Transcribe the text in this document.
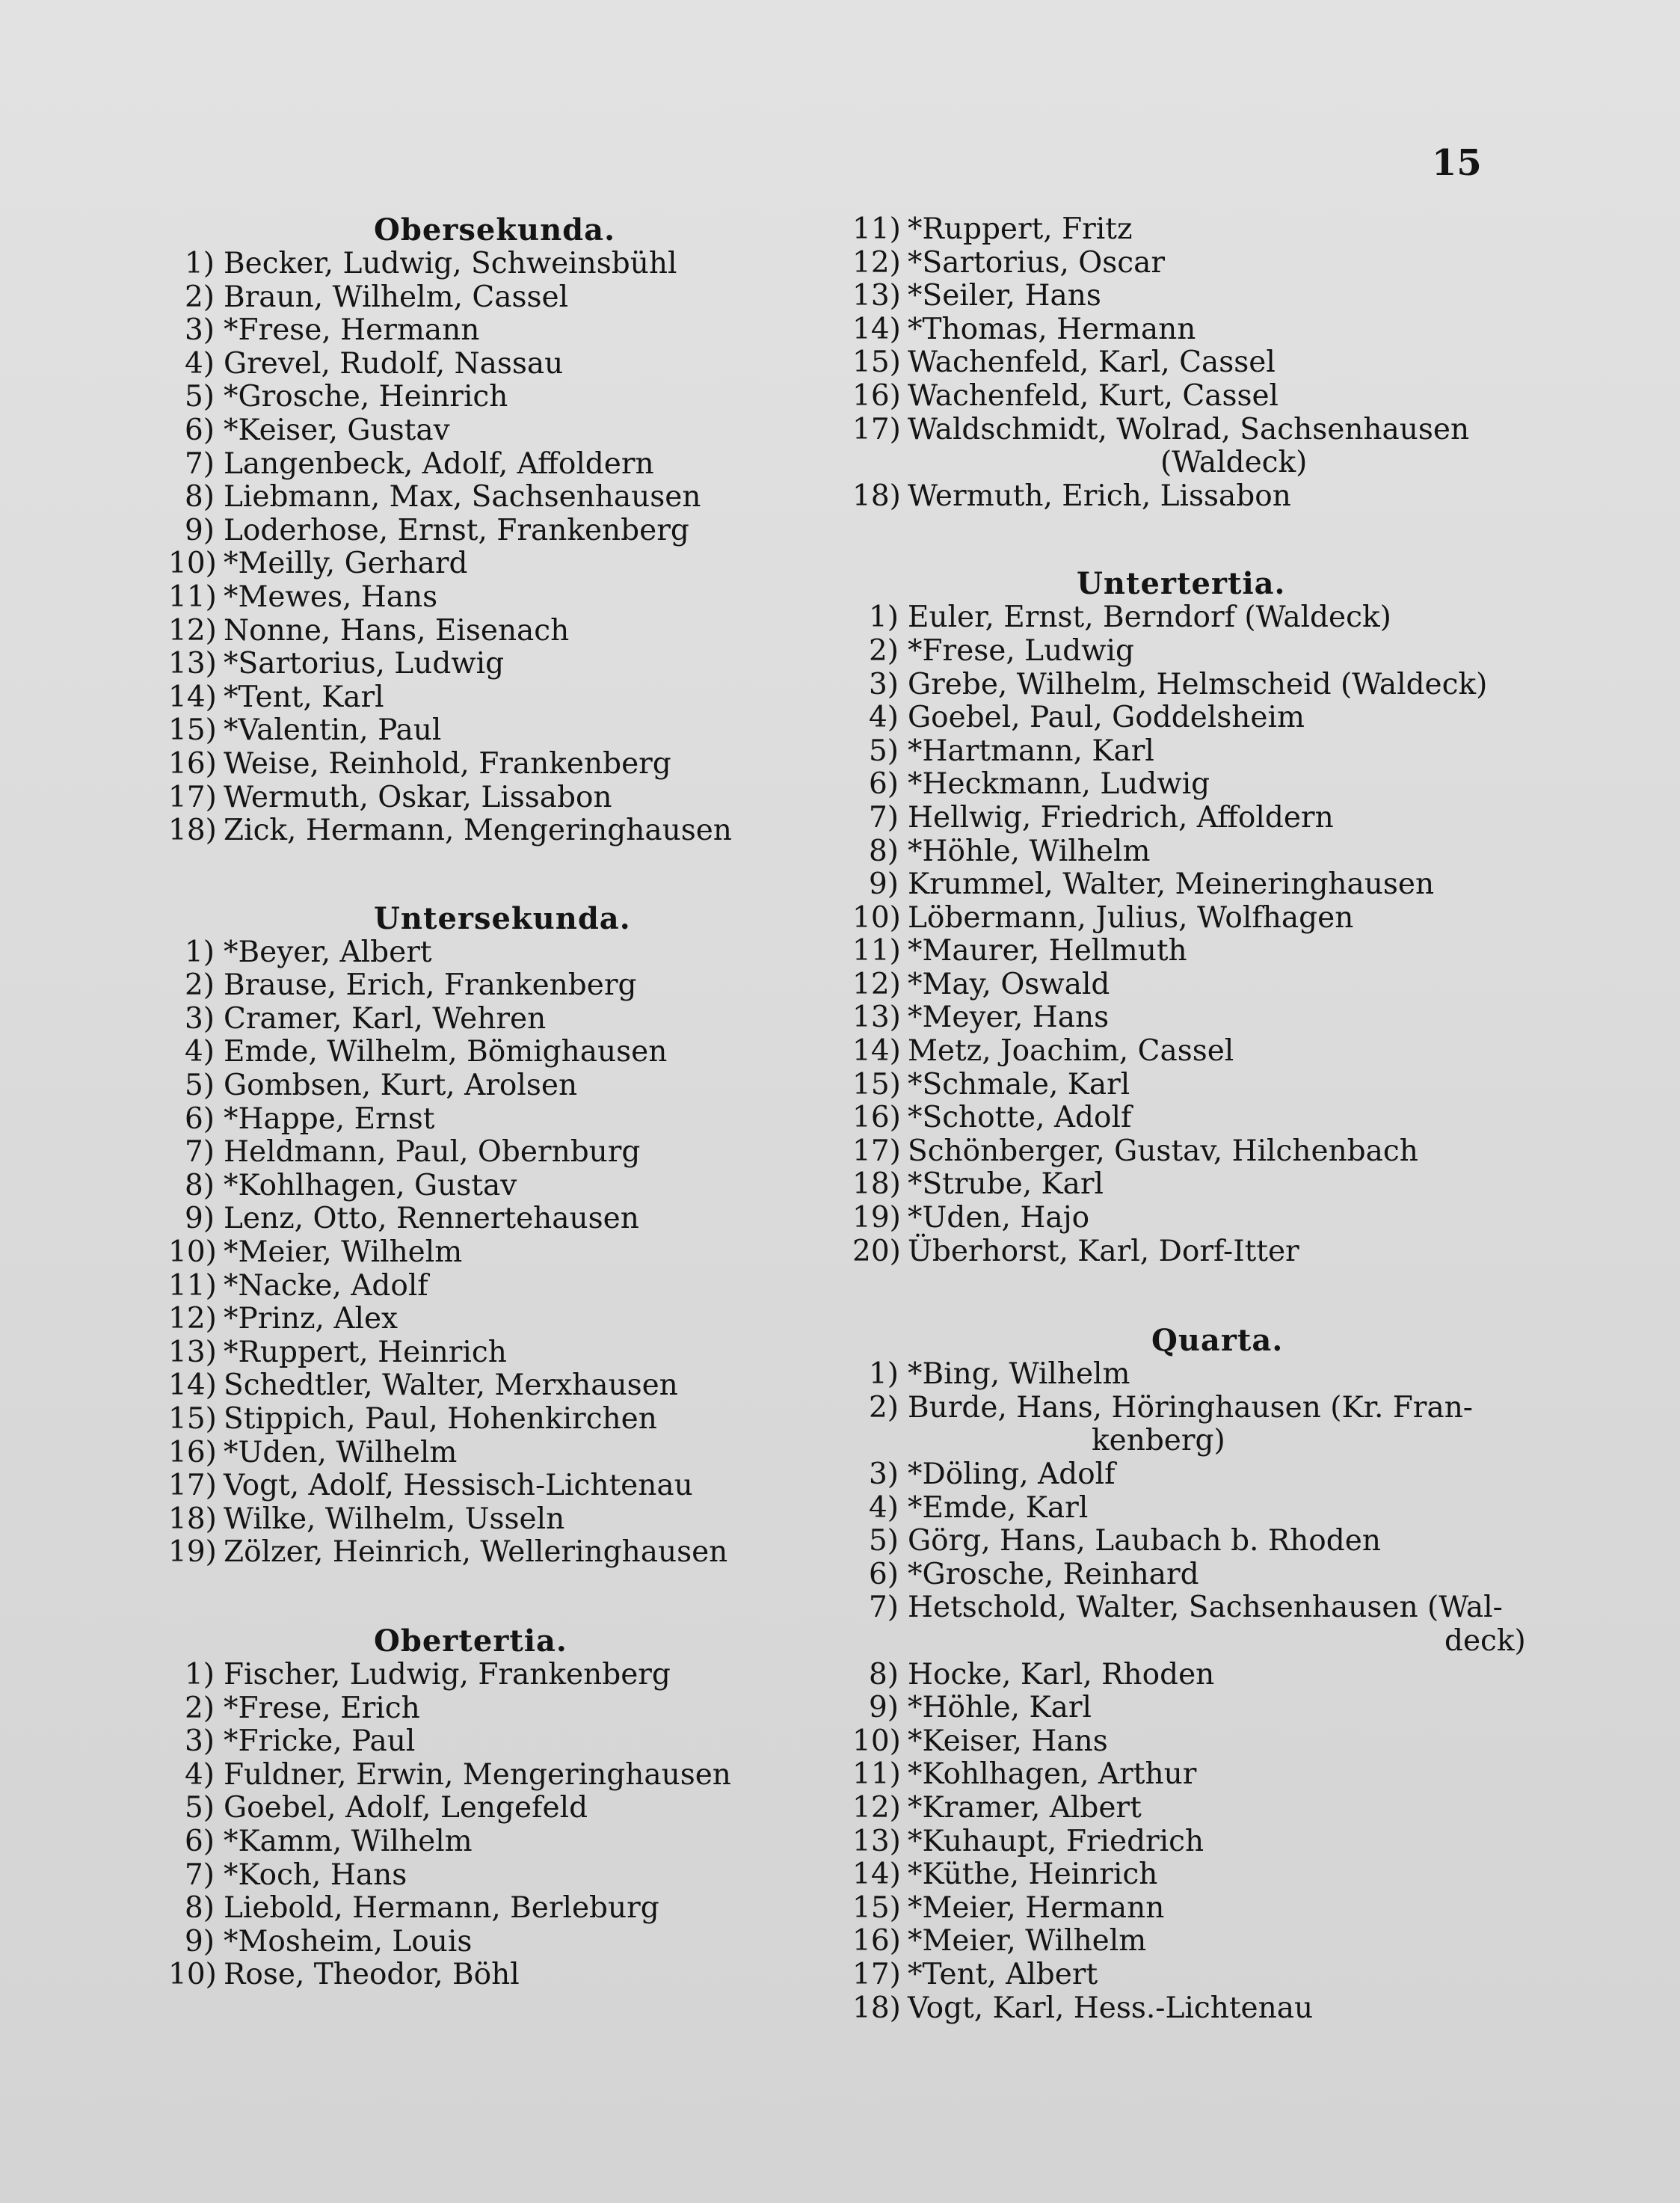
15
Obersekunda.
1) Becker, Ludwig, Schweinsbühl
2) Braun, Wilhelm, Cassel
3) *Frese, Hermann
4) Grevel, Rudolf, Nassau
5) *Grosche, Heinrich
6) *Keiser, Gustav
7) Langenbeck, Adolf, Affoldern
8) Liebmann, Max, Sachsenhausen
9) Loderhose, Ernst, Frankenberg
10) *Meilly, Gerhard
11) *Mewes, Hans
12) Nonne, Hans, Eisenach
13) *Sartorius, Ludwig
14) *Tent, Karl
15) *Valentin, Paul
16) Weise, Reinhold, Frankenberg
17) Wermuth, Oskar, Lissabon
18) Zick, Hermann, Mengeringhausen
Untersekunda.
1) *Beyer, Albert
2) Brause, Erich, Frankenberg
3) Cramer, Karl, Wehren
4) Emde, Wilhelm, Bömighausen
5) Gombsen, Kurt, Arolsen
6) *Happe, Ernst
7) Heldmann, Paul, Obernburg
8) *Kohlhagen, Gustav
9) Lenz, Otto, Rennertehausen
10) *Meier, Wilhelm
11) *Nacke, Adolf
12) *Prinz, Alex
13) *Ruppert, Heinrich
14) Schedtler, Walter, Merxhausen
15) Stippich, Paul, Hohenkirchen
16) *Uden, Wilhelm
17) Vogt, Adolf, Hessisch-Lichtenau
18) Wilke, Wilhelm, Usseln
19) Zölzer, Heinrich, Welleringhausen
Obertertia.
1) Fischer, Ludwig, Frankenberg
2) *Frese, Erich
3) *Fricke, Paul
4) Fuldner, Erwin, Mengeringhausen
5) Goebel, Adolf, Lengefeld
6) *Kamm, Wilhelm
7) *Koch, Hans
8) Liebold, Hermann, Berleburg
9) *Mosheim, Louis
10) Rose, Theodor, Böhl
11) *Ruppert, Fritz
12) *Sartorius, Oscar
13) *Seiler, Hans
14) *Thomas, Hermann
15) Wachenfeld, Karl, Cassel
16) Wachenfeld, Kurt, Cassel
17) Waldschmidt, Wolrad, Sachsenhausen
(Waldeck)
18) Wermuth, Erich, Lissabon
Untertertia.
1) Euler, Ernst, Berndorf (Waldeck)
2) *Frese, Ludwig
3) Grebe, Wilhelm, Helmscheid (Waldeck)
4) Goebel, Paul, Goddelsheim
5) *Hartmann, Karl
6) *Heckmann, Ludwig
7) Hellwig, Friedrich, Affoldern
8) *Höhle, Wilhelm
9) Krummel, Walter, Meineringhausen
10) Löbermann, Julius, Wolfhagen
11) *Maurer, Hellmuth
12) *May, Oswald
13) *Meyer, Hans
14) Metz, Joachim, Cassel
15) *Schmale, Karl
16) *Schotte, Adolf
17) Schönberger, Gustav, Hilchenbach
18) *Strube, Karl
19) *Uden, Hajo
20) Überhorst, Karl, Dorf-Itter
Quarta.
1) *Bing, Wilhelm
2) Burde, Hans, Höringhausen (Kr. Fran-
kenberg)
3) *Döling, Adolf
4) *Emde, Karl
5) Görg, Hans, Laubach b. Rhoden
6) *Grosche, Reinhard
7) Hetschold, Walter, Sachsenhausen (Wal-
deck)
8) Hocke, Karl, Rhoden
9) *Höhle, Karl
10) *Keiser, Hans
11) *Kohlhagen, Arthur
12) *Kramer, Albert
13) *Kuhaupt, Friedrich
14) *Küthe, Heinrich
15) *Meier, Hermann
16) *Meier, Wilhelm
17) *Tent, Albert
18) Vogt, Karl, Hess.-Lichtenau
